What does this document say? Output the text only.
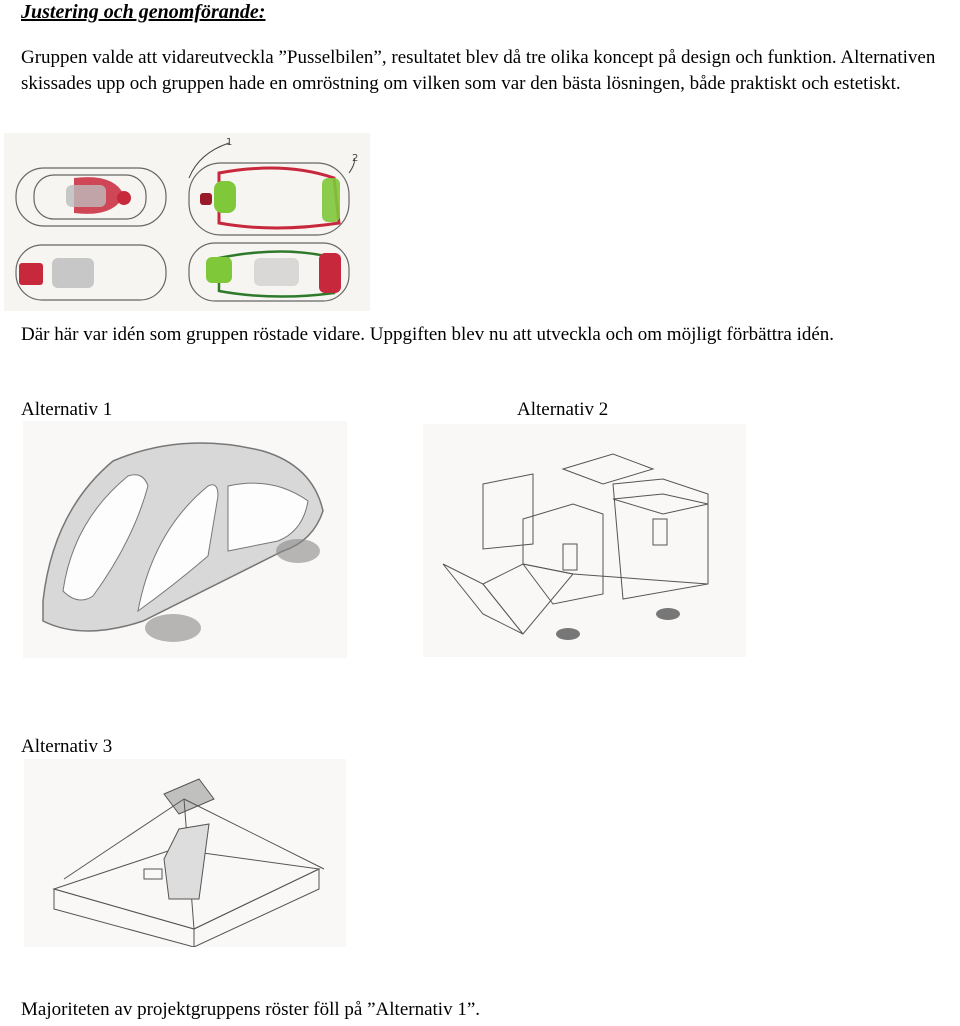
Justering och genomförande:
Gruppen valde att vidareutveckla ”Pusselbilen”, resultatet blev då tre olika koncept på design och funktion. Alternativen skissades upp och gruppen hade en omröstning om vilken som var den bästa lösningen, både praktiskt och estetiskt.
1
2
Där här var idén som gruppen röstade vidare. Uppgiften blev nu att utveckla och om möjligt förbättra idén.
Alternativ 1	Alternativ 2
Alternativ 3
Majoriteten av projektgruppens röster föll på ”Alternativ 1”.
